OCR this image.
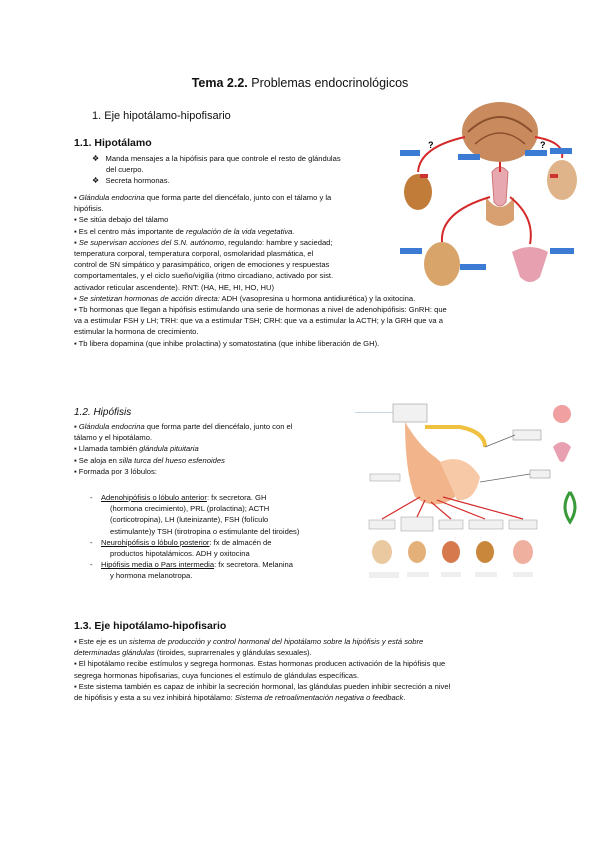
Tema 2.2. Problemas endocrinológicos
1. Eje hipotálamo-hipofisario
1.1. Hipotálamo
❖ Manda mensajes a la hipófisis para que controle el resto de glándulas
del cuerpo.
❖ Secreta hormonas.
▪ Glándula endocrina que forma parte del diencéfalo, junto con el tálamo y la
hipófisis.
▪ Se sitúa debajo del tálamo
▪ Es el centro más importante de regulación de la vida vegetativa.
▪ Se supervisan acciones del S.N. autónomo, regulando: hambre y saciedad;
temperatura corporal, temperatura corporal, osmolaridad plasmática, el
control de SN simpático y parasimpático, origen de emociones y respuestas
comportamentales, y el ciclo sueño/vigilia (ritmo circadiano, activado por sist.
activador reticular ascendente). RNT: (HA, HE, HI, HO, HU)
▪ Se sintetizan hormonas de acción directa: ADH (vasopresina u hormona antidiurética) y la oxitocina.
▪ Tb hormonas que llegan a hipófisis estimulando una serie de hormonas a nivel de adenohipófisis: GnRH: que
va a estimular FSH y LH; TRH: que va a estimular TSH; CRH: que va a estimular la ACTH; y la GRH que va a
estimular la hormona de crecimiento.
▪ Tb libera dopamina (que inhibe prolactina) y somatostatina (que inhibe liberación de GH).
?	?
1.2. Hipófisis
▪ Glándula endocrina que forma parte del diencéfalo, junto con el
tálamo y el hipotálamo.
▪ Llamada también glándula pituitaria
▪ Se aloja en silla turca del hueso esfenoides
▪ Formada por 3 lóbulos:
-    Adenohipófisis o lóbulo anterior: fx secretora. GH
(hormona crecimiento), PRL (prolactina); ACTH
(corticotropina), LH (luteinizante), FSH (folículo
estimulante)y TSH (tirotropina o estimulante del tiroides)
-    Neurohipófisis o lóbulo posterior: fx de almacén de
productos hipotalámicos. ADH y oxitocina
-    Hipófisis media o Pars intermedia: fx secretora. Melanina
y hormona melanotropa.
1.3. Eje hipotálamo-hipofisario
▪ Este eje es un sistema de producción y control hormonal del hipotálamo sobre la hipófisis y está sobre
determinadas glándulas (tiroides, suprarrenales y glándulas sexuales).
▪ El hipotálamo recibe estímulos y segrega hormonas. Estas hormonas producen activación de la hipófisis que
segrega hormonas hipofisarias, cuya funciones el estímulo de glándulas específicas.
▪ Este sistema también es capaz de inhibir la secreción hormonal, las glándulas pueden inhibir secreción a nivel
de hipófisis y esta a su vez inhibirá hipotálamo: Sistema de retroalimentación negativa o feedback.
